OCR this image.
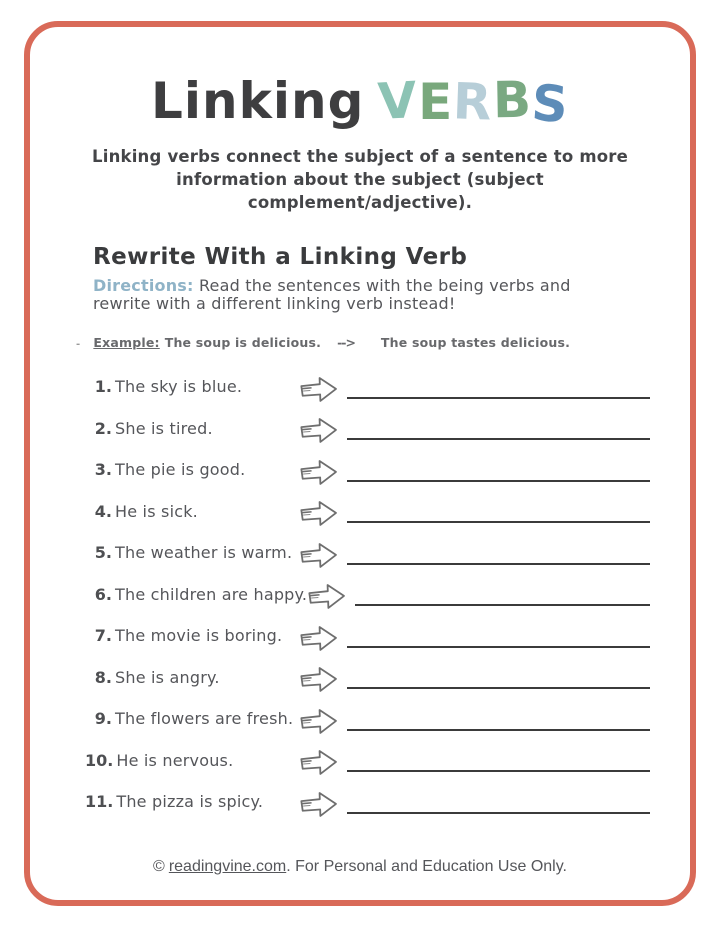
Linking VERBS

Linking verbs connect the subject of a sentence to more information about the subject (subject complement/adjective).

Rewrite With a Linking Verb

Directions: Read the sentences with the being verbs and rewrite with a different linking verb instead!

- Example: The soup is delicious. --> The soup tastes delicious.
1. The sky is blue.
2. She is tired.
3. The pie is good.
4. He is sick.
5. The weather is warm.
6. The children are happy.
7. The movie is boring.
8. She is angry.
9. The flowers are fresh.
10. He is nervous.
11. The pizza is spicy.

© readingvine.com. For Personal and Education Use Only.
